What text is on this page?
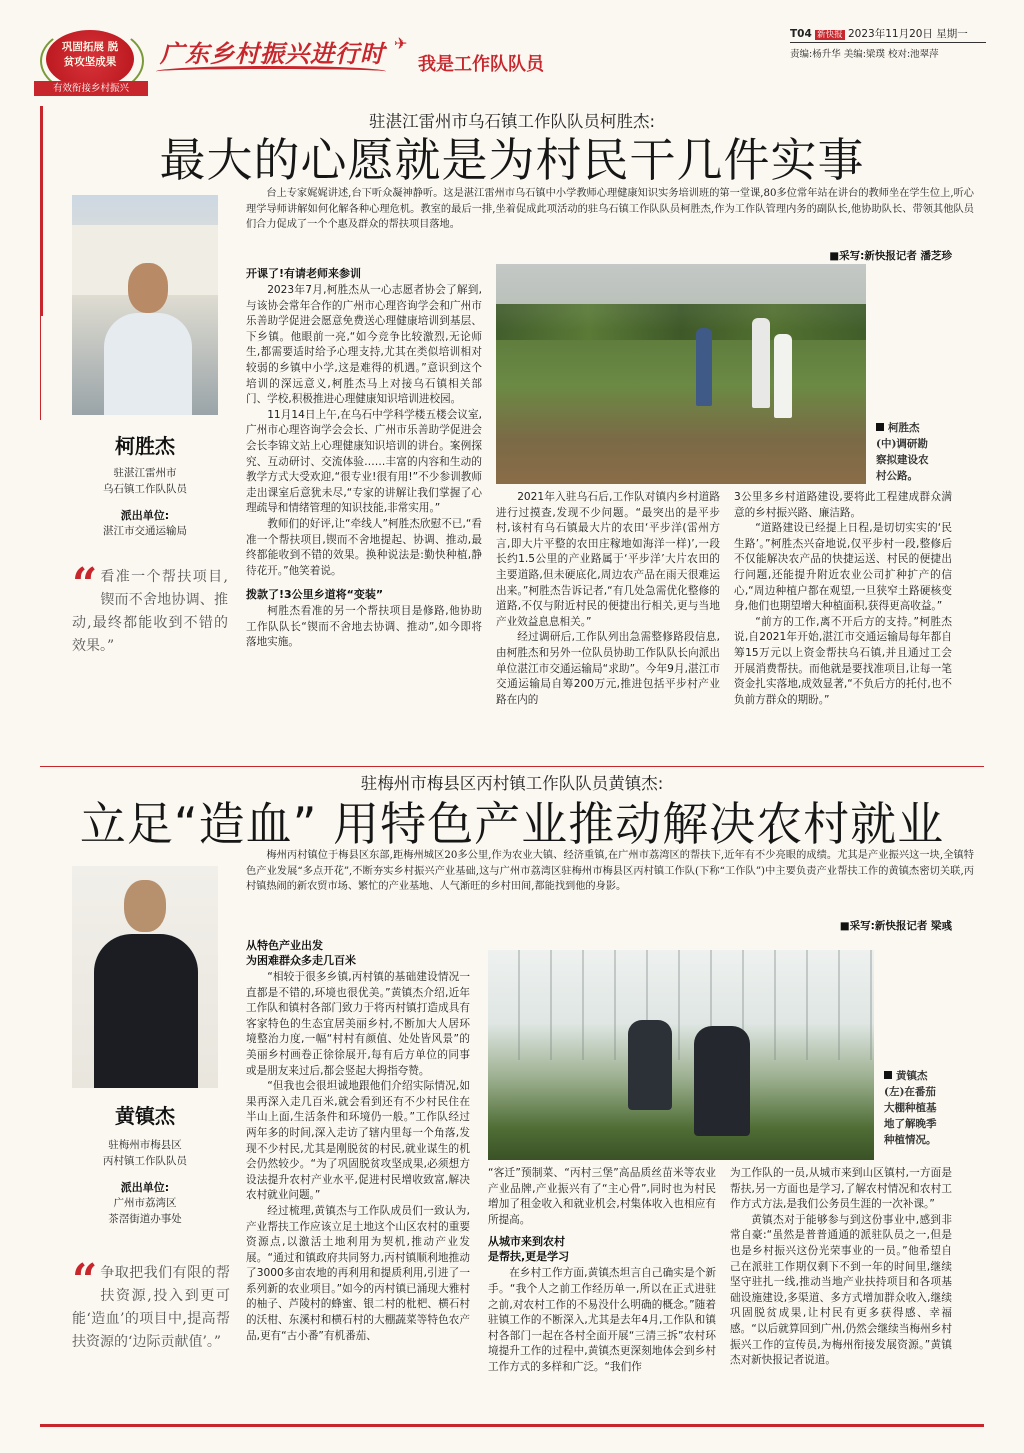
巩固拓展 脱贫攻坚成果
有效衔接乡村振兴
广东乡村振兴进行时 ✈
我是工作队队员
T04 新快报 2023年11月20日 星期一
责编:杨升华 美编:梁璞 校对:池翠萍
驻湛江雷州市乌石镇工作队队员柯胜杰:
最大的心愿就是为村民干几件实事
柯胜杰
驻湛江雷州市
乌石镇工作队队员
派出单位:
湛江市交通运输局
“ 看准一个帮扶项目,锲而不舍地协调、推动,最终都能收到不错的效果。”
台上专家娓娓讲述,台下听众凝神静听。这是湛江雷州市乌石镇中小学教师心理健康知识实务培训班的第一堂课,80多位常年站在讲台的教师坐在学生位上,听心理学导师讲解如何化解各种心理危机。教室的最后一排,坐着促成此项活动的驻乌石镇工作队队员柯胜杰,作为工作队管理内务的副队长,他协助队长、带领其他队员们合力促成了一个个惠及群众的帮扶项目落地。
■采写:新快报记者 潘芝珍
开课了!有请老师来参训

2023年7月,柯胜杰从一心志愿者协会了解到,与该协会常年合作的广州市心理咨询学会和广州市乐善助学促进会愿意免费送心理健康培训到基层、下乡镇。他眼前一亮,“如今竞争比较激烈,无论师生,都需要适时给予心理支持,尤其在类似培训相对较弱的乡镇中小学,这是难得的机遇。”意识到这个培训的深远意义,柯胜杰马上对接乌石镇相关部门、学校,积极推进心理健康知识培训进校园。

11月14日上午,在乌石中学科学楼五楼会议室,广州市心理咨询学会会长、广州市乐善助学促进会会长李锦文站上心理健康知识培训的讲台。案例探究、互动研讨、交流体验……丰富的内容和生动的教学方式大受欢迎,“很专业!很有用!”不少参训教师走出课室后意犹未尽,“专家的讲解让我们掌握了心理疏导和情绪管理的知识技能,非常实用。”

教师们的好评,让“牵线人”柯胜杰欣慰不已,“看准一个帮扶项目,锲而不舍地提起、协调、推动,最终都能收到不错的效果。换种说法是:勤快种植,静待花开。”他笑着说。

拨款了!3公里乡道将“变装”

柯胜杰看准的另一个帮扶项目是修路,他协助工作队队长“锲而不舍地去协调、推动”,如今即将落地实施。

柯胜杰(中)调研勘察拟建设农村公路。

2021年入驻乌石后,工作队对镇内乡村道路进行过摸查,发现不少问题。“最突出的是平步村,该村有乌石镇最大片的农田‘平步洋(雷州方言,即大片平整的农田庄稼地如海洋一样)’,一段长约1.5公里的产业路属于‘平步洋’大片农田的主要道路,但未硬底化,周边农产品在雨天很难运出来。”柯胜杰告诉记者,“有几处急需优化整修的道路,不仅与附近村民的便捷出行相关,更与当地产业效益息息相关。”

经过调研后,工作队列出急需整修路段信息,由柯胜杰和另外一位队员协助工作队队长向派出单位湛江市交通运输局“求助”。今年9月,湛江市交通运输局自筹200万元,推进包括平步村产业路在内的

3公里多乡村道路建设,要将此工程建成群众满意的乡村振兴路、廉洁路。

“道路建设已经提上日程,是切切实实的‘民生路’。”柯胜杰兴奋地说,仅平步村一段,整修后不仅能解决农产品的快捷运送、村民的便捷出行问题,还能提升附近农业公司扩种扩产的信心,“周边种植户都在观望,一旦狭窄土路硬核变身,他们也期望增大种植面积,获得更高收益。”

“前方的工作,离不开后方的支持。”柯胜杰说,自2021年开始,湛江市交通运输局每年都自筹15万元以上资金帮扶乌石镇,并且通过工会开展消费帮扶。而他就是要找准项目,让每一笔资金扎实落地,成效显著,“不负后方的托付,也不负前方群众的期盼。”

驻梅州市梅县区丙村镇工作队队员黄镇杰:
立足“造血” 用特色产业推动解决农村就业
黄镇杰
驻梅州市梅县区
丙村镇工作队队员
派出单位:
广州市荔湾区
茶滘街道办事处
“ 争取把我们有限的帮扶资源,投入到更可能‘造血’的项目中,提高帮扶资源的‘边际贡献值’。”
梅州丙村镇位于梅县区东部,距梅州城区20多公里,作为农业大镇、经济重镇,在广州市荔湾区的帮扶下,近年有不少亮眼的成绩。尤其是产业振兴这一块,全镇特色产业发展“多点开花”,不断夯实乡村振兴产业基础,这与广州市荔湾区驻梅州市梅县区丙村镇工作队(下称“工作队”)中主要负责产业帮扶工作的黄镇杰密切关联,丙村镇热闹的新农贸市场、繁忙的产业基地、人气渐旺的乡村田间,都能找到他的身影。
■采写:新快报记者 梁彧
从特色产业出发
为困难群众多走几百米

“相较于很多乡镇,丙村镇的基础建设情况一直都是不错的,环境也很优美。”黄镇杰介绍,近年工作队和镇村各部门致力于将丙村镇打造成具有客家特色的生态宜居美丽乡村,不断加大人居环境整治力度,一幅“村村有颜值、处处皆风景”的美丽乡村画卷正徐徐展开,每有后方单位的同事或是朋友来过后,都会竖起大拇指夸赞。

“但我也会很坦诚地跟他们介绍实际情况,如果再深入走几百米,就会看到还有不少村民住在半山上面,生活条件和环境仍一般。”工作队经过两年多的时间,深入走访了辖内里每一个角落,发现不少村民,尤其是刚脱贫的村民,就业谋生的机会仍然较少。“为了巩固脱贫攻坚成果,必须想方设法提升农村产业水平,促进村民增收致富,解决农村就业问题。”

经过梳理,黄镇杰与工作队成员们一致认为,产业帮扶工作应该立足土地这个山区农村的重要资源点,以激活土地利用为契机,推动产业发展。“通过和镇政府共同努力,丙村镇顺利地推动了3000多亩农地的再利用和提质利用,引进了一系列新的农业项目。”如今的丙村镇已涌现大雅村的柚子、芦陵村的蜂蜜、银二村的枇杷、横石村的沃柑、东溪村和横石村的大棚蔬菜等特色农产品,更有“古小番”有机番茄、

黄镇杰(左)在番茄大棚种植基地了解晚季种植情况。

“客迁”预制菜、“丙村三堡”高品质丝苗米等农业产业品牌,产业振兴有了“主心骨”,同时也为村民增加了租金收入和就业机会,村集体收入也相应有所提高。

从城市来到农村
是帮扶,更是学习

在乡村工作方面,黄镇杰坦言自己确实是个新手。“我个人之前工作经历单一,所以在正式进驻之前,对农村工作的不易没什么明确的概念。”随着驻镇工作的不断深入,尤其是去年4月,工作队和镇村各部门一起在各村全面开展“三清三拆”农村环境提升工作的过程中,黄镇杰更深刻地体会到乡村工作方式的多样和广泛。“我们作

为工作队的一员,从城市来到山区镇村,一方面是帮扶,另一方面也是学习,了解农村情况和农村工作方式方法,是我们公务员生涯的一次补课。”

黄镇杰对于能够参与到这份事业中,感到非常自豪:“虽然是普普通通的派驻队员之一,但是也是乡村振兴这份光荣事业的一员。”他希望自己在派驻工作期仅剩下不到一年的时间里,继续坚守驻扎一线,推动当地产业扶持项目和各项基础设施建设,多渠道、多方式增加群众收入,继续巩固脱贫成果,让村民有更多获得感、幸福感。“以后就算回到广州,仍然会继续当梅州乡村振兴工作的宣传员,为梅州衔接发展资源。”黄镇杰对新快报记者说道。
